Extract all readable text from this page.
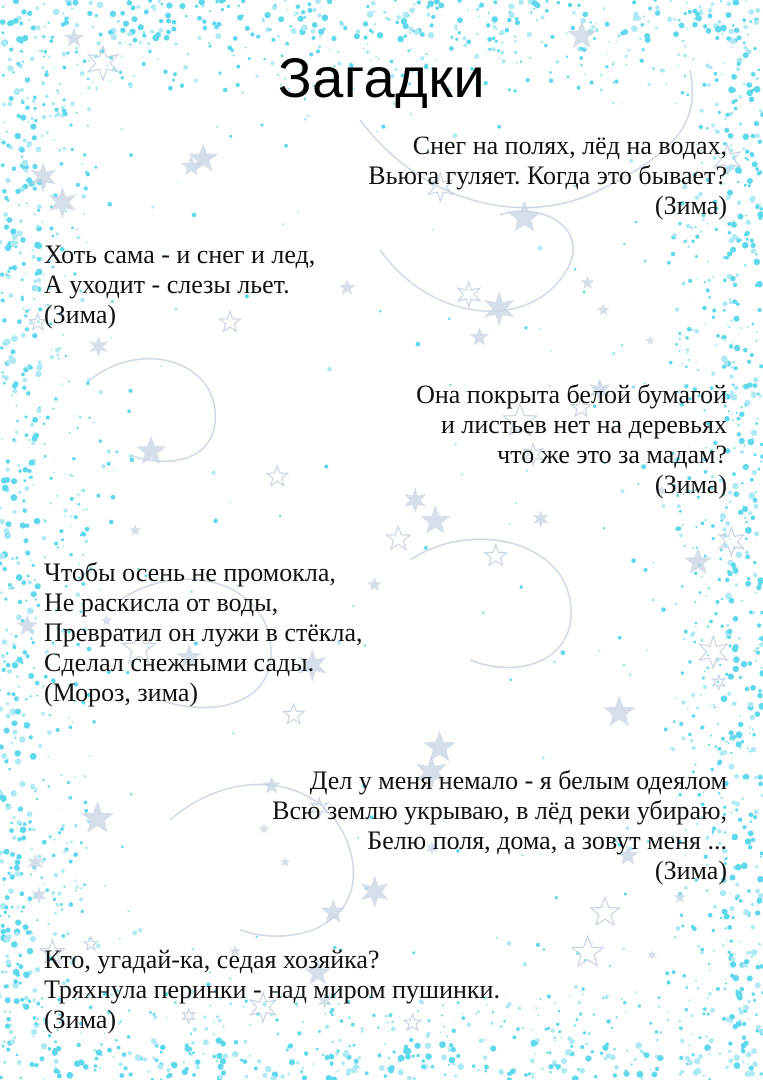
Загадки
Снег на полях, лёд на водах,
Вьюга гуляет. Когда это бывает?
(Зима)
Хоть сама - и снег и лед,
А уходит - слезы льет.
(Зима)
Она покрыта белой бумагой
и листьев нет на деревьях
что же это за мадам?
(Зима)
Чтобы осень не промокла,
Не раскисла от воды,
Превратил он лужи в стёкла,
Сделал снежными сады.
(Мороз, зима)
Дел у меня немало - я белым одеялом
Всю землю укрываю, в лёд реки убираю,
Белю поля, дома, а зовут меня ...
(Зима)
Кто, угадай-ка, седая хозяйка?
Тряхнула перинки - над миром пушинки.
(Зима)
